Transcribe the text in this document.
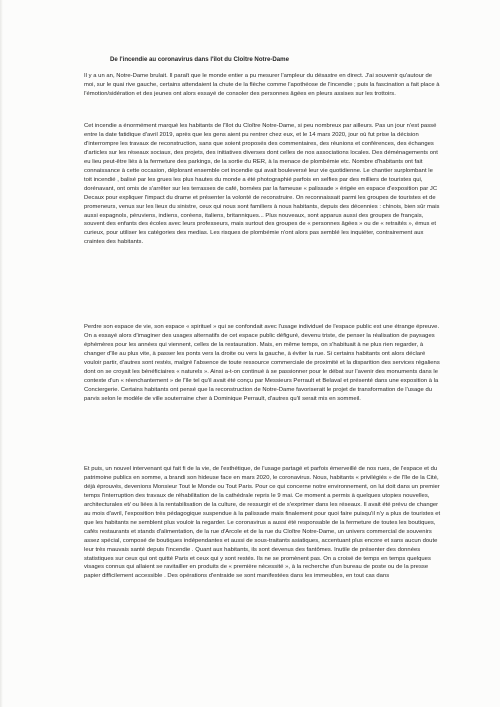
De l'incendie au coronavirus dans l'îlot du Cloître Notre-Dame

Il y a un an, Notre-Dame brulait. Il paraît que le monde entier a pu mesurer l'ampleur du désastre en direct. J'ai souvenir qu'autour de moi, sur le quai rive gauche, certains attendaient la chute de la flèche comme l'apothéose de l'incendie ; puis la fascination a fait place à l'émotion/sidération et des jeunes ont alors essayé de consoler des personnes âgées en pleurs assises sur les trottoirs.

Cet incendie a énormément marqué les habitants de l'îlot du Cloître Notre-Dame, si peu nombreux par ailleurs. Pas un jour n'est passé entre la date fatidique d'avril 2019, après que les gens aient pu rentrer chez eux, et le 14 mars 2020, jour où fut prise la décision d'interrompre les travaux de reconstruction, sans que soient proposés des commentaires, des réunions et conférences, des échanges d'articles sur les réseaux sociaux, des projets, des initiatives diverses dont celles de nos associations locales. Des déménagements ont eu lieu peut-être liés à la fermeture des parkings, de la sortie du RER, à la menace de plombémie etc. Nombre d'habitants ont fait connaissance à cette occasion, déplorant ensemble cet incendie qui avait bouleversé leur vie quotidienne. Le chantier surplombant le toit incendié , balisé par les grues les plus hautes du monde a été photographié parfois en selfies par des milliers de touristes qui, dorénavant, ont omis de s'arrêter sur les terrasses de café, bornées par la fameuse « palissade » érigée en espace d'exposition par JC Decaux pour expliquer l'impact du drame et présenter la volonté de reconstruire. On reconnaissait parmi les groupes de touristes et de promeneurs, venus sur les lieux du sinistre, ceux qui nous sont familiers à nous habitants, depuis des décennies : chinois, bien sûr mais aussi espagnols, péruviens, indiens, coréens, italiens, britanniques... Plus nouveaux, sont apparus aussi des groupes de français, souvent des enfants des écoles avec leurs professeurs, mais surtout des groupes de « personnes âgées » ou de « retraités », émus et curieux, pour utiliser les catégories des medias. Les risques de plombémie n'ont alors pas semblé les inquiéter, contrairement aux craintes des habitants.

Perdre son espace de vie, son espace « spirituel » qui se confondait avec l'usage individuel de l'espace public est une étrange épreuve. On a essayé alors d'imaginer des usages alternatifs de cet espace public défiguré, devenu triste, de penser la réalisation de paysages éphémères pour les années qui viennent, celles de la restauration. Mais, en même temps, on s'habituait à ne plus rien regarder, à changer d'île au plus vite, à passer les ponts vers la droite ou vers la gauche, à éviter la rue. Si certains habitants ont alors déclaré vouloir partir, d'autres sont restés, malgré l'absence de toute ressource commerciale de proximité et la disparition des services régaliens dont on se croyait les bénéficiaires « naturels ». Ainsi a-t-on continué à se passionner pour le débat sur l'avenir des monuments dans le contexte d'un « réenchantement » de l'île tel qu'il avait été conçu par Messieurs Perrault et Belaval et présenté dans une exposition à la Conciergerie. Certains habitants ont pensé que la reconstruction de Notre-Dame favoriserait le projet de transformation de l'usage du parvis selon le modèle de ville souterraine cher à Dominique Perrault, d'autres qu'il serait mis en sommeil.

Et puis, un nouvel intervenant qui fait fi de la vie, de l'esthétique, de l'usage partagé et parfois émerveillé de nos rues, de l'espace et du patrimoine publics en somme, a brandi son hideuse face en mars 2020, le coronavirus. Nous, habitants « privilégiés » de l'île de la Cité, déjà éprouvés, devenions Monsieur Tout le Monde ou Tout Paris. Pour ce qui concerne notre environnement, on lui doit dans un premier temps l'interruption des travaux de réhabilitation de la cathédrale repris le 9 mai. Ce moment a permis à quelques utopies nouvelles, architecturales et/ ou liées à la rentabilisation de la culture, de ressurgir et de s'exprimer dans les réseaux. Il avait été prévu de changer au mois d'avril, l'exposition très pédagogique suspendue à la palissade mais finalement pour quoi faire puisqu'il n'y a plus de touristes et que les habitants ne semblent plus vouloir la regarder. Le coronavirus a aussi été responsable de la fermeture de toutes les boutiques, cafés restaurants et stands d'alimentation, de la rue d'Arcole et de la rue du Cloître Notre-Dame, un univers commercial de souvenirs assez spécial, composé de boutiques indépendantes et aussi de sous-traitants asiatiques, accentuant plus encore et sans aucun doute leur très mauvais santé depuis l'incendie . Quant aux habitants, ils sont devenus des fantômes. Inutile de présenter des données statistiques sur ceux qui ont quitté Paris et ceux qui y sont restés. Ils ne se promènent pas. On a croisé de temps en temps quelques visages connus qui allaient se ravitailler en produits de « première nécessité », à la recherche d'un bureau de poste ou de la presse papier difficilement accessible . Des opérations d'entraide se sont manifestées dans les immeubles, en tout cas dans
